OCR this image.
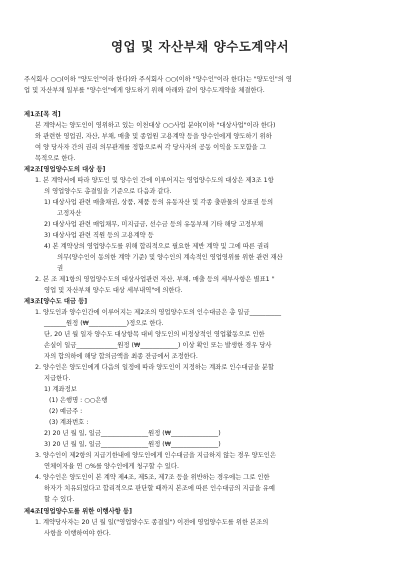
영업 및 자산부채 양수도계약서
주식회사 ○○(이하 "양도인"이라 한다)와 주식회사 ○○(이하 "양수인"이라 한다)는 "양도인"의 영
업 및 자산부채 일부를 "양수인"에게 양도하기 위해 아래와 같이 양수도계약을 체결한다.
제1조[목 적]
본 계약서는 양도인이 영위하고 있는 이천대상 ○○사업 분야(이하 "대상사업"이라 한다)
와 관련한 영업권, 자산, 부채, 매출 및 종업원 고용계약 등을 양수인에게 양도하기 위하
여 양 당사자 간의 권리 의무관계를 정함으로써 각 당사자의 공동 이익을 도모함을 그
목적으로 한다.
제2조[영업양수도의 대상 등]
1. 본 계약서에 따라 양도인 및 양수인 간에 이루어지는 영업양수도의 대상은 제3조 1항
의 영업양수도 총결일을 기준으로 다음과 같다.
1) 대상사업 관련 매출채권, 상품, 제품 등의 유동자산 및 각종 출판물의 상표권 등의
고정자산
2) 대상사업 관련 매입채무, 미지급금, 선수금 등의 유동부채 기타 해당 고정부채
3) 대상사업 관련 직원 등의 고용계약 등
4) 본 계약상의 영업양수도를 위해 합리적으로 필요한 제반 계약 및 그에 따른 권리
의무(양수인이 동의한 계약 기준) 및 양수인의 계속적인 영업영위를 위한 관련 재산
권
2. 본 조 제1항의 영업양수도의 대상사업관련 자산, 부채, 매출 등의 세부사항은 별표1 "
영업 및 자산부채 양수도 대상 세부내역"에 의한다.
제3조[양수도 대금 등]
1. 양도인과 양수인간에 이루어지는 제2조의 영업양수도의 인수대금은 총 일금__________
_______원정 (₩____________)정으로 한다.
단, 20 년 월 일자 양수도 대상항목 대비 양도인의 비정상적인 영업활동으로 인한
손실이 일금_____________원정 (₩____________) 이상 확인 또는 발생한 경우 당사
자의 합의하에 해당 합의금액을 최종 잔금에서 조정한다.
2. 양수인은 양도인에게 다음의 일정에 따라 양도인이 지정하는 계좌로 인수대금을 분할
지급한다.
1) 계좌정보
(1) 은행명 : ○○은행
(2) 예금주 :
(3) 계좌번호 :
2) 20 년 월 일, 일금_______________원정 (₩_______________)
3) 20 년 월 일, 일금_______________원정 (₩_______________)
3. 양수인이 제2항의 지급기한내에 양도인에게 인수대금을 지급하지 않는 경우 양도인은
연체이자율 연 ○%를 양수인에게 청구할 수 있다.
4. 양수인은 양도인이 본 계약 제4조, 제5조, 제7조 등을 위반하는 경우에는 그로 인한
하자가 치유되었다고 합리적으로 판단할 때까지 본조에 따른 인수대금의 지급을 유예
할 수 있다.
제4조[영업양수도를 위한 이행사항 등]
1. 계약당사자는 20 년 월 일("영업양수도 종결일") 이전에 영업양수도를 위한 본조의
사항을 이행하여야 한다.
